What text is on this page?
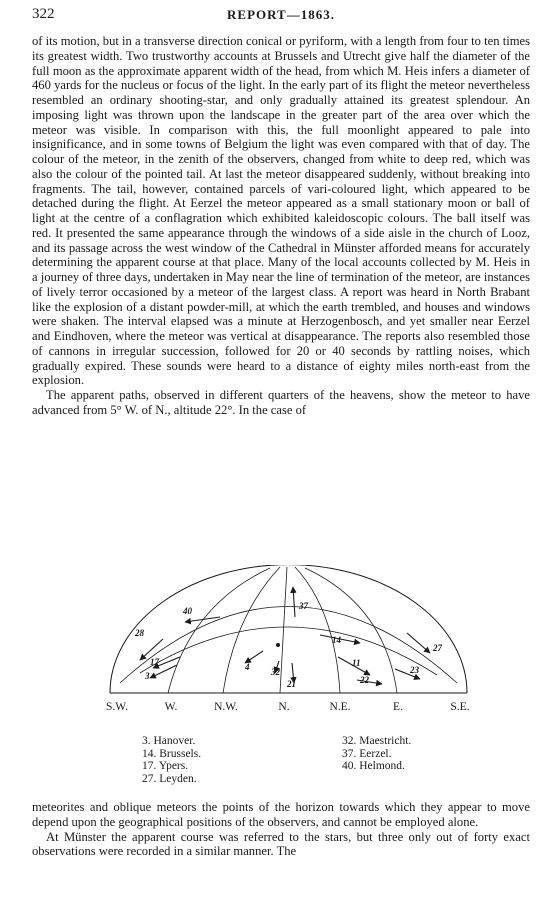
322	REPORT—1863.

of its motion, but in a transverse direction conical or pyriform, with a length from four to ten times its greatest width. Two trustworthy accounts at Brussels and Utrecht give half the diameter of the full moon as the approximate apparent width of the head, from which M. Heis infers a diameter of 460 yards for the nucleus or focus of the light. In the early part of its flight the meteor nevertheless resembled an ordinary shooting-star, and only gradually attained its greatest splendour. An imposing light was thrown upon the landscape in the greater part of the area over which the meteor was visible. In comparison with this, the full moonlight appeared to pale into insignificance, and in some towns of Belgium the light was even compared with that of day. The colour of the meteor, in the zenith of the observers, changed from white to deep red, which was also the colour of the pointed tail. At last the meteor disappeared suddenly, without breaking into fragments. The tail, however, contained parcels of vari-coloured light, which appeared to be detached during the flight. At Eerzel the meteor appeared as a small stationary moon or ball of light at the centre of a conflagration which exhibited kaleidoscopic colours. The ball itself was red. It presented the same appearance through the windows of a side aisle in the church of Looz, and its passage across the west window of the Cathedral in Münster afforded means for accurately determining the apparent course at that place. Many of the local accounts collected by M. Heis in a journey of three days, undertaken in May near the line of termination of the meteor, are instances of lively terror occasioned by a meteor of the largest class. A report was heard in North Brabant like the explosion of a distant powder-mill, at which the earth trembled, and houses and windows were shaken. The interval elapsed was a minute at Herzogenbosch, and yet smaller near Eerzel and Eindhoven, where the meteor was vertical at disappearance. The reports also resembled those of cannons in irregular succession, followed for 20 or 40 seconds by rattling noises, which gradually expired. These sounds were heard to a distance of eighty miles north-east from the explosion.

The apparent paths, observed in different quarters of the heavens, show the meteor to have advanced from 5° W. of N., altitude 22°. In the case of

40
28
37
14
27
17
3
4 32
21
11
23
22
S.W.	W.	N.W.	N.	N.E.	E.	S.E.
3. Hanover.
14. Brussels.
17. Ypers.
27. Leyden.
32. Maestricht.
37. Eerzel.
40. Helmond.

meteorites and oblique meteors the points of the horizon towards which they appear to move depend upon the geographical positions of the observers, and cannot be employed alone.

At Münster the apparent course was referred to the stars, but three only out of forty exact observations were recorded in a similar manner. The
